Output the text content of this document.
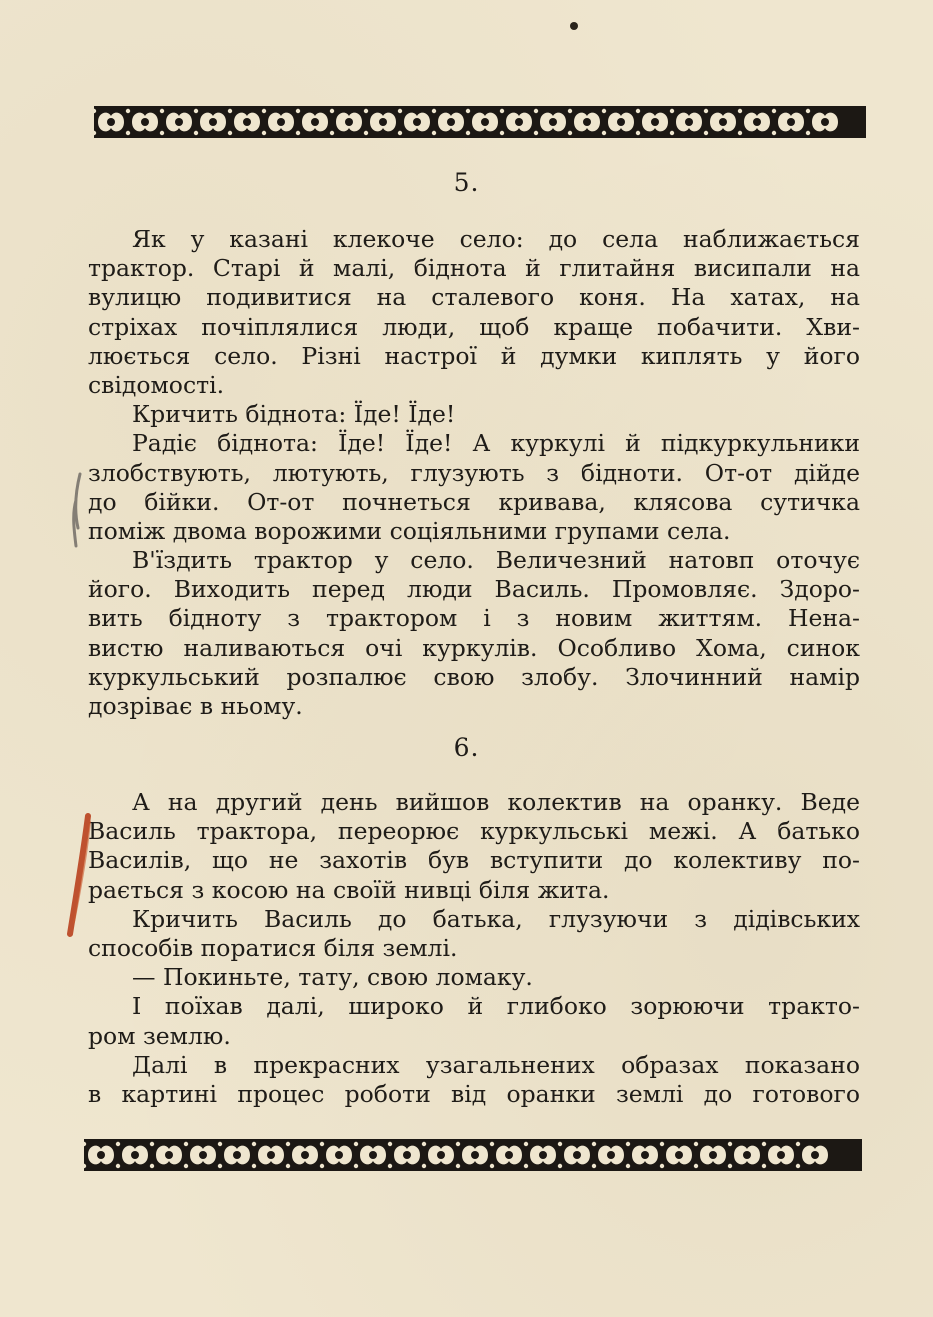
5.
Як у казані клекоче село: до села наближається
трактор. Старі й малі, біднота й глитайня висипали на
вулицю подивитися на сталевого коня. На хатах, на
стріхах почіплялися люди, щоб краще побачити. Хви-
люється село. Різні настрої й думки киплять у його
свідомості.
Кричить біднота: Їде! Їде!
Радіє біднота: Їде! Їде! А куркулі й підкуркульники
злобствують, лютують, глузують з бідноти. От-от дійде
до бійки. От-от почнеться кривава, клясова сутичка
поміж двома ворожими соціяльними групами села.
В'їздить трактор у село. Величезний натовп оточує
його. Виходить перед люди Василь. Промовляє. Здоро-
вить бідноту з трактором і з новим життям. Нена-
вистю наливаються очі куркулів. Особливо Хома, синок
куркульський розпалює свою злобу. Злочинний намір
дозріває в ньому.
6.
А на другий день вийшов колектив на оранку. Веде
Василь трактора, переорює куркульські межі. А батько
Василів, що не захотів був вступити до колективу по-
рається з косою на своїй нивці біля жита.
Кричить Василь до батька, глузуючи з дідівських
способів поратися біля землі.
— Покиньте, тату, свою ломаку.
І поїхав далі, широко й глибоко зорюючи тракто-
ром землю.
Далі в прекрасних узагальнених образах показано
в картині процес роботи від оранки землі до готового
